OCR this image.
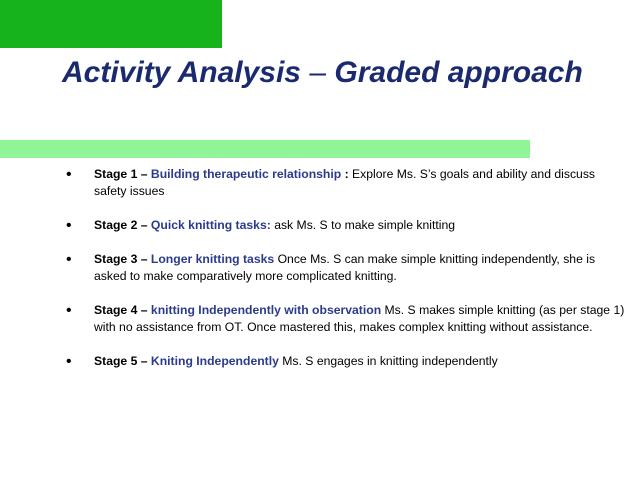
Activity Analysis – Graded approach
• Stage 1 – Building therapeutic relationship : Explore Ms. S’s goals and ability and discuss safety issues
• Stage 2 – Quick knitting tasks: ask Ms. S to make simple knitting
• Stage 3 – Longer knitting tasks Once Ms. S can make simple knitting independently, she is asked to make comparatively more complicated knitting.
• Stage 4 – knitting Independently with observation Ms. S makes simple knitting (as per stage 1) with no assistance from OT. Once mastered this, makes complex knitting without assistance.
• Stage 5 – Kniting Independently Ms. S engages in knitting independently
